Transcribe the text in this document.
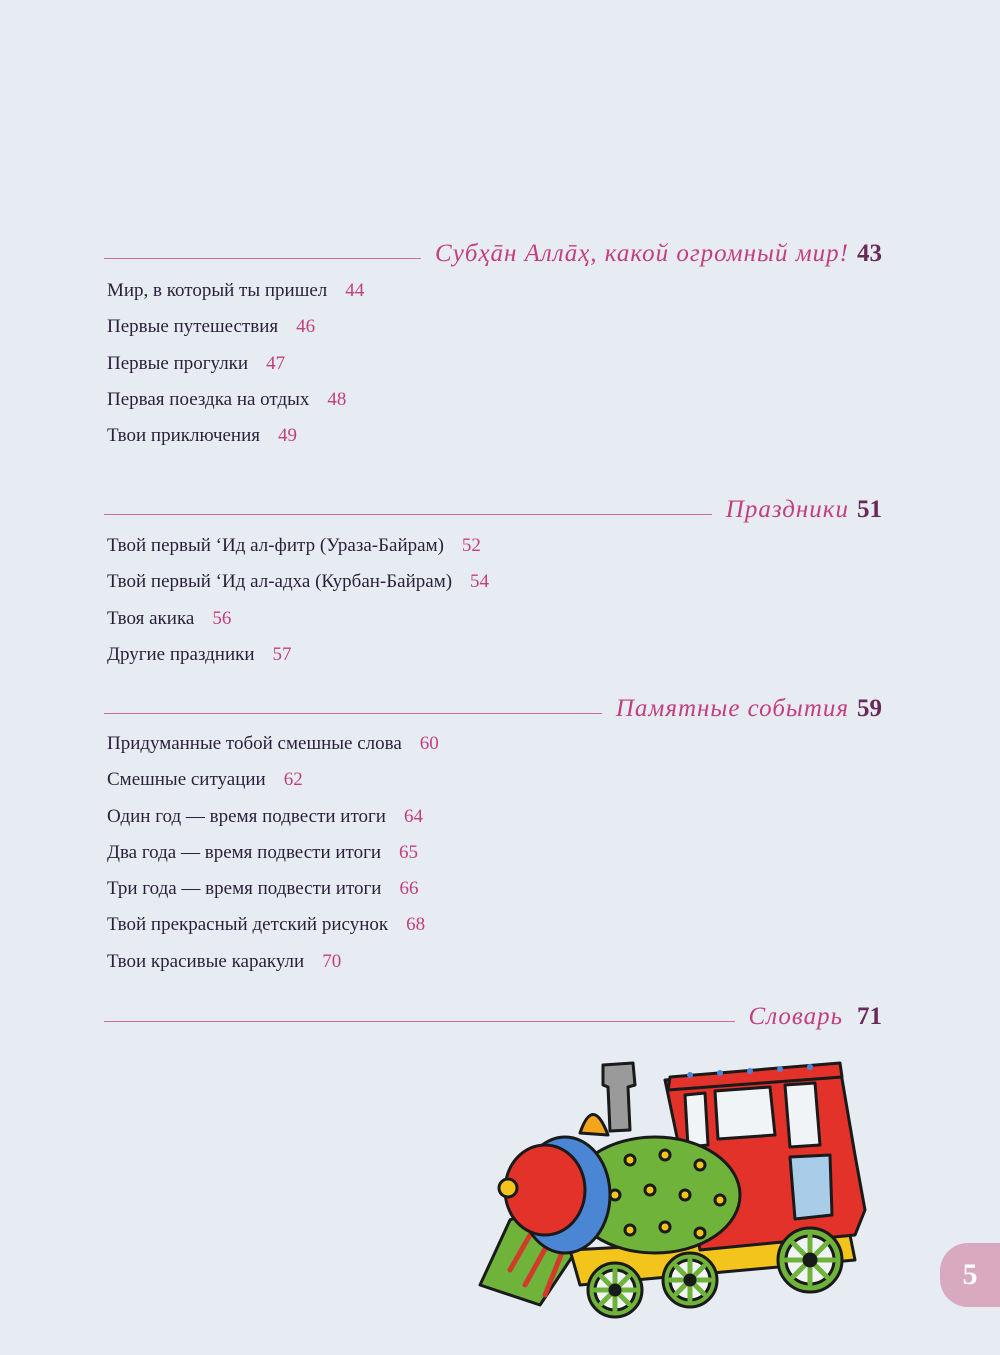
Субҳāн Аллāҳ, какой огромный мир! 43
Мир, в который ты пришел 44
Первые путешествия 46
Первые прогулки 47
Первая поездка на отдых 48
Твои приключения 49
Праздники 51
Твой первый ʻИд ал-фитр (Ураза-Байрам) 52
Твой первый ʻИд ал-адха (Курбан-Байрам) 54
Твоя акика 56
Другие праздники 57
Памятные события 59
Придуманные тобой смешные слова 60
Смешные ситуации 62
Один год — время подвести итоги 64
Два года — время подвести итоги 65
Три года — время подвести итоги 66
Твой прекрасный детский рисунок 68
Твои красивые каракули 70
Словарь 71
5
